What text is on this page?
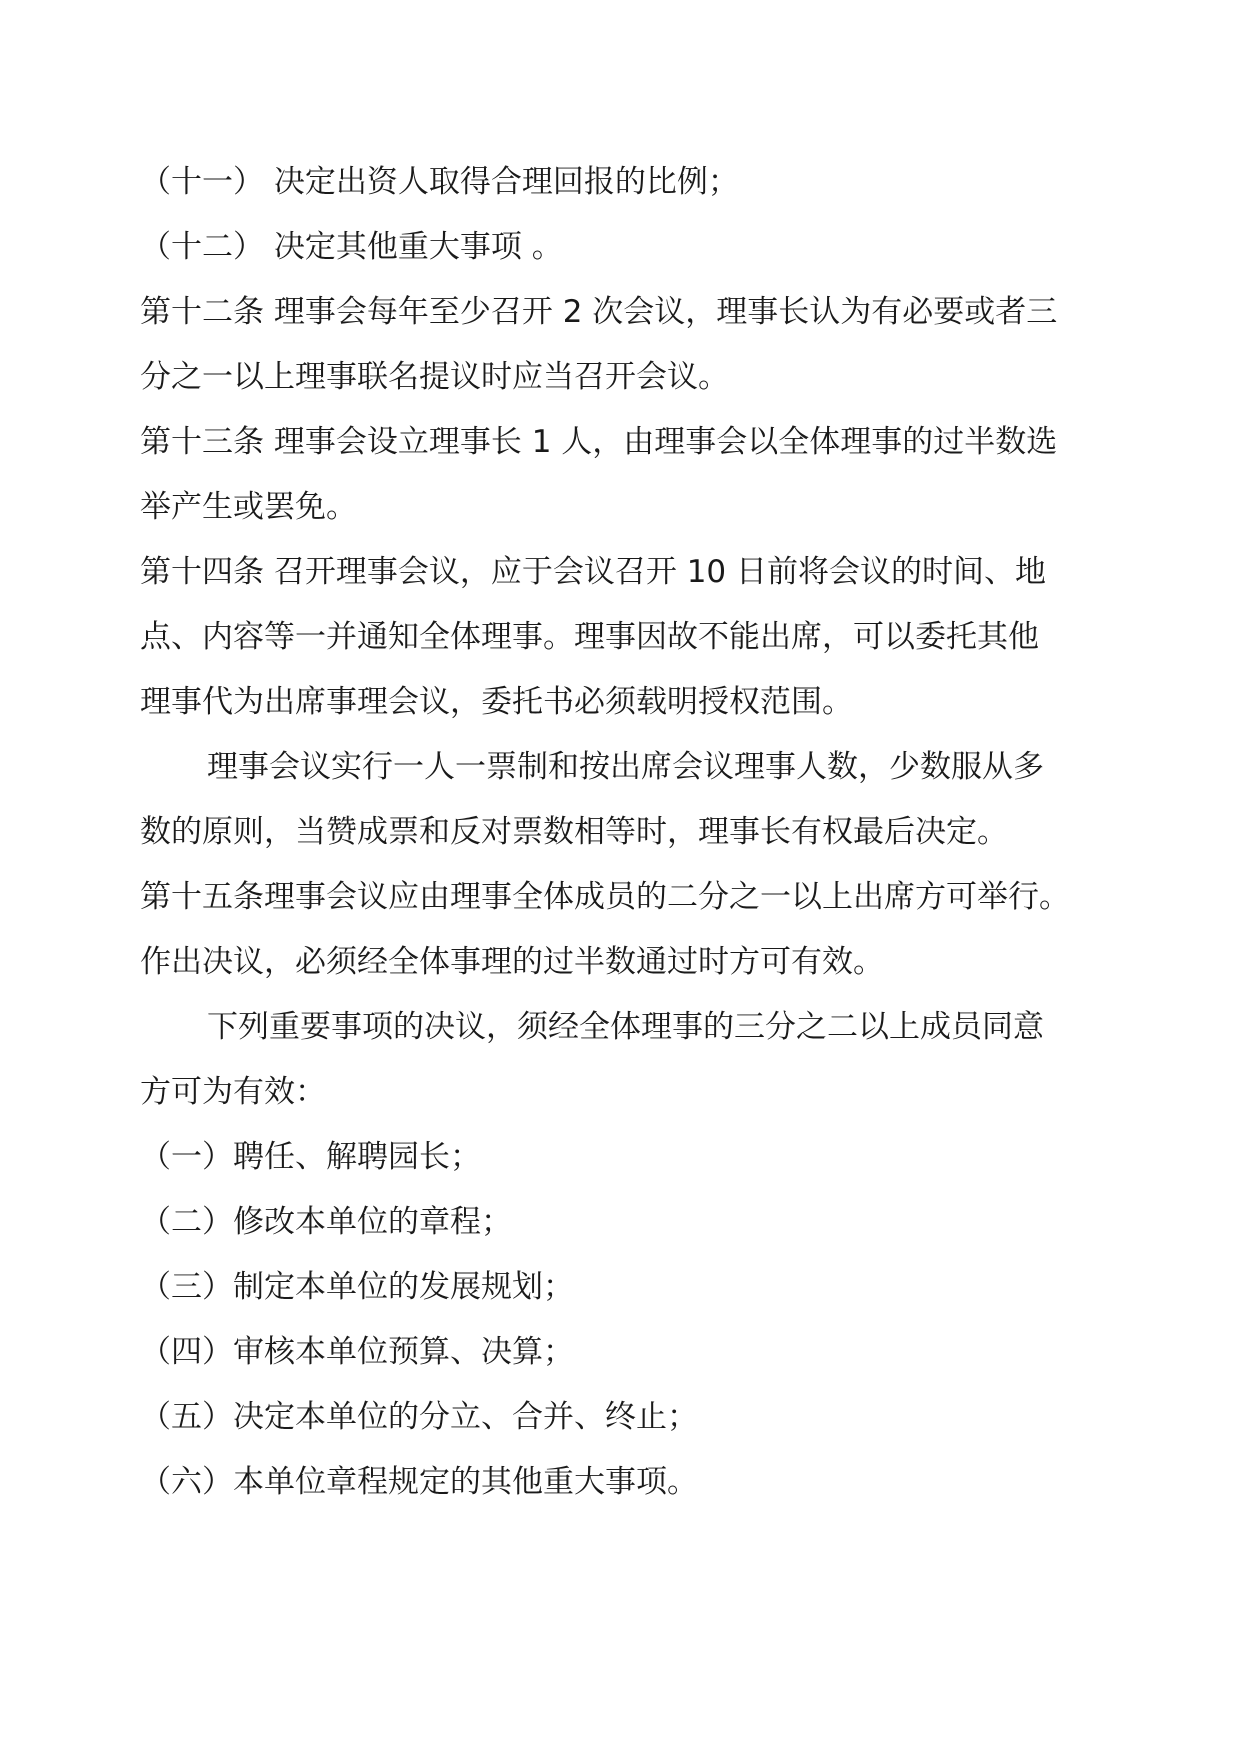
（十一） 决定出资人取得合理回报的比例；
（十二） 决定其他重大事项 。
第十二条 理事会每年至少召开 2 次会议，理事长认为有必要或者三
分之一以上理事联名提议时应当召开会议。
第十三条 理事会设立理事长 1 人，由理事会以全体理事的过半数选
举产生或罢免。
第十四条 召开理事会议，应于会议召开 10 日前将会议的时间、地
点、内容等一并通知全体理事。理事因故不能出席，可以委托其他
理事代为出席事理会议，委托书必须载明授权范围。
理事会议实行一人一票制和按出席会议理事人数，少数服从多
数的原则，当赞成票和反对票数相等时，理事长有权最后决定。
第十五条理事会议应由理事全体成员的二分之一以上出席方可举行。
作出决议，必须经全体事理的过半数通过时方可有效。
下列重要事项的决议，须经全体理事的三分之二以上成员同意
方可为有效：
（一）聘任、解聘园长；
（二）修改本单位的章程；
（三）制定本单位的发展规划；
（四）审核本单位预算、决算；
（五）决定本单位的分立、合并、终止；
（六）本单位章程规定的其他重大事项。
